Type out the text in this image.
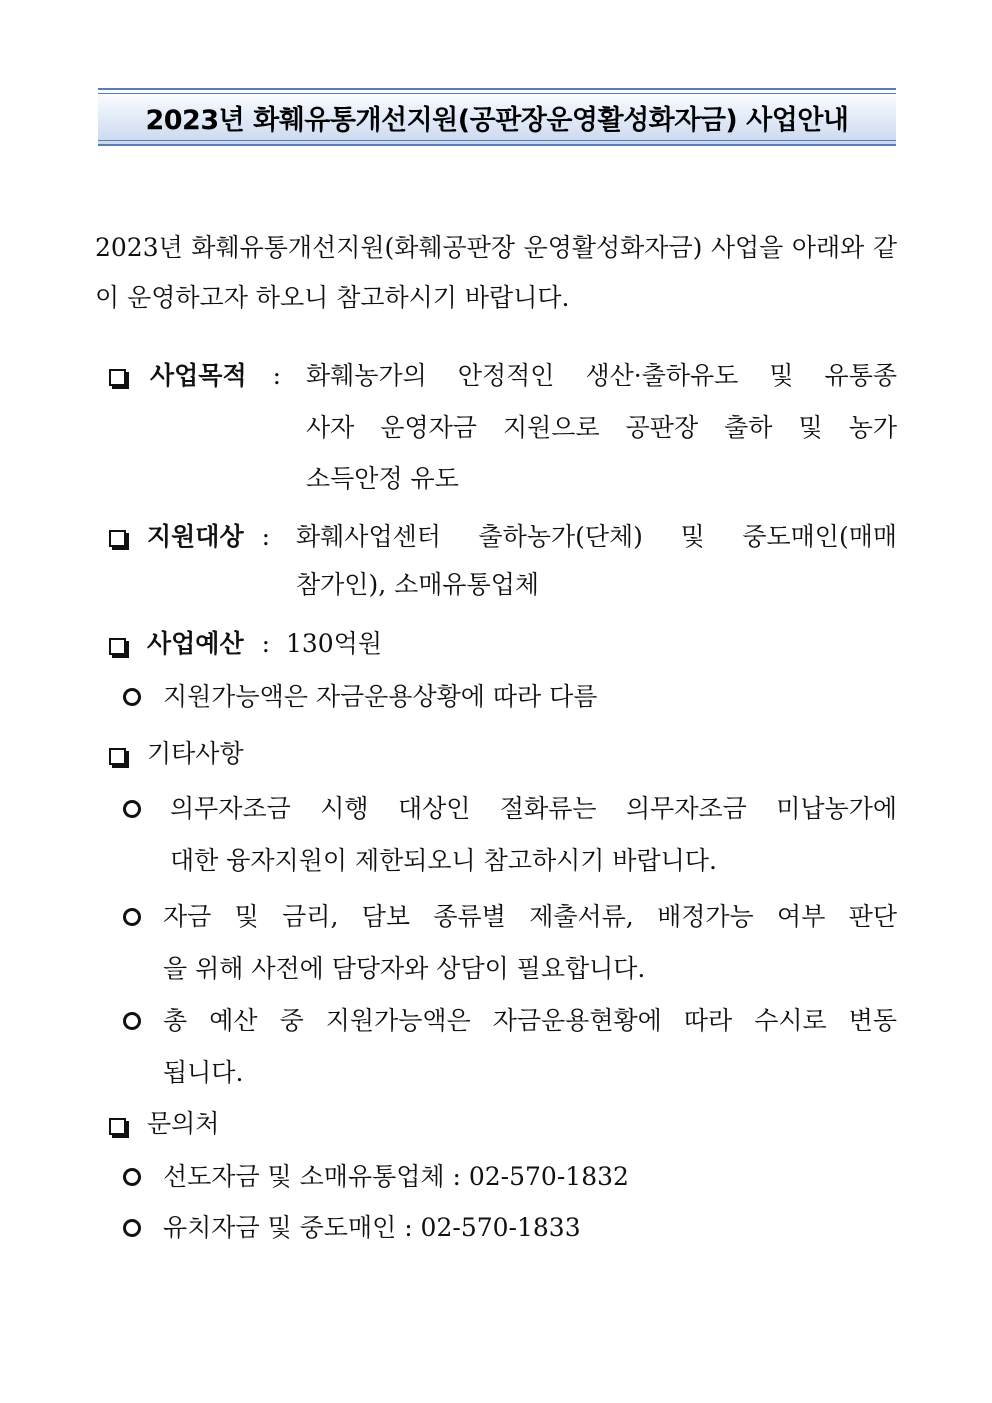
2023년 화훼유통개선지원(공판장운영활성화자금) 사업안내
2023년 화훼유통개선지원(화훼공판장 운영활성화자금) 사업을 아래와 같이 운영하고자 하오니 참고하시기 바랍니다.
사업목적 : 화훼농가의 안정적인 생산·출하유도 및 유통종
사자 운영자금 지원으로 공판장 출하 및 농가
소득안정 유도
지원대상 : 화훼사업센터 출하농가(단체) 및 중도매인(매매
참가인), 소매유통업체
사업예산 : 130억원
지원가능액은 자금운용상황에 따라 다름
기타사항
의무자조금 시행 대상인 절화류는 의무자조금 미납농가에
대한 융자지원이 제한되오니 참고하시기 바랍니다.
자금 및 금리, 담보 종류별 제출서류, 배정가능 여부 판단
을 위해 사전에 담당자와 상담이 필요합니다.
총 예산 중 지원가능액은 자금운용현황에 따라 수시로 변동
됩니다.
문의처
선도자금 및 소매유통업체 : 02-570-1832
유치자금 및 중도매인 : 02-570-1833
